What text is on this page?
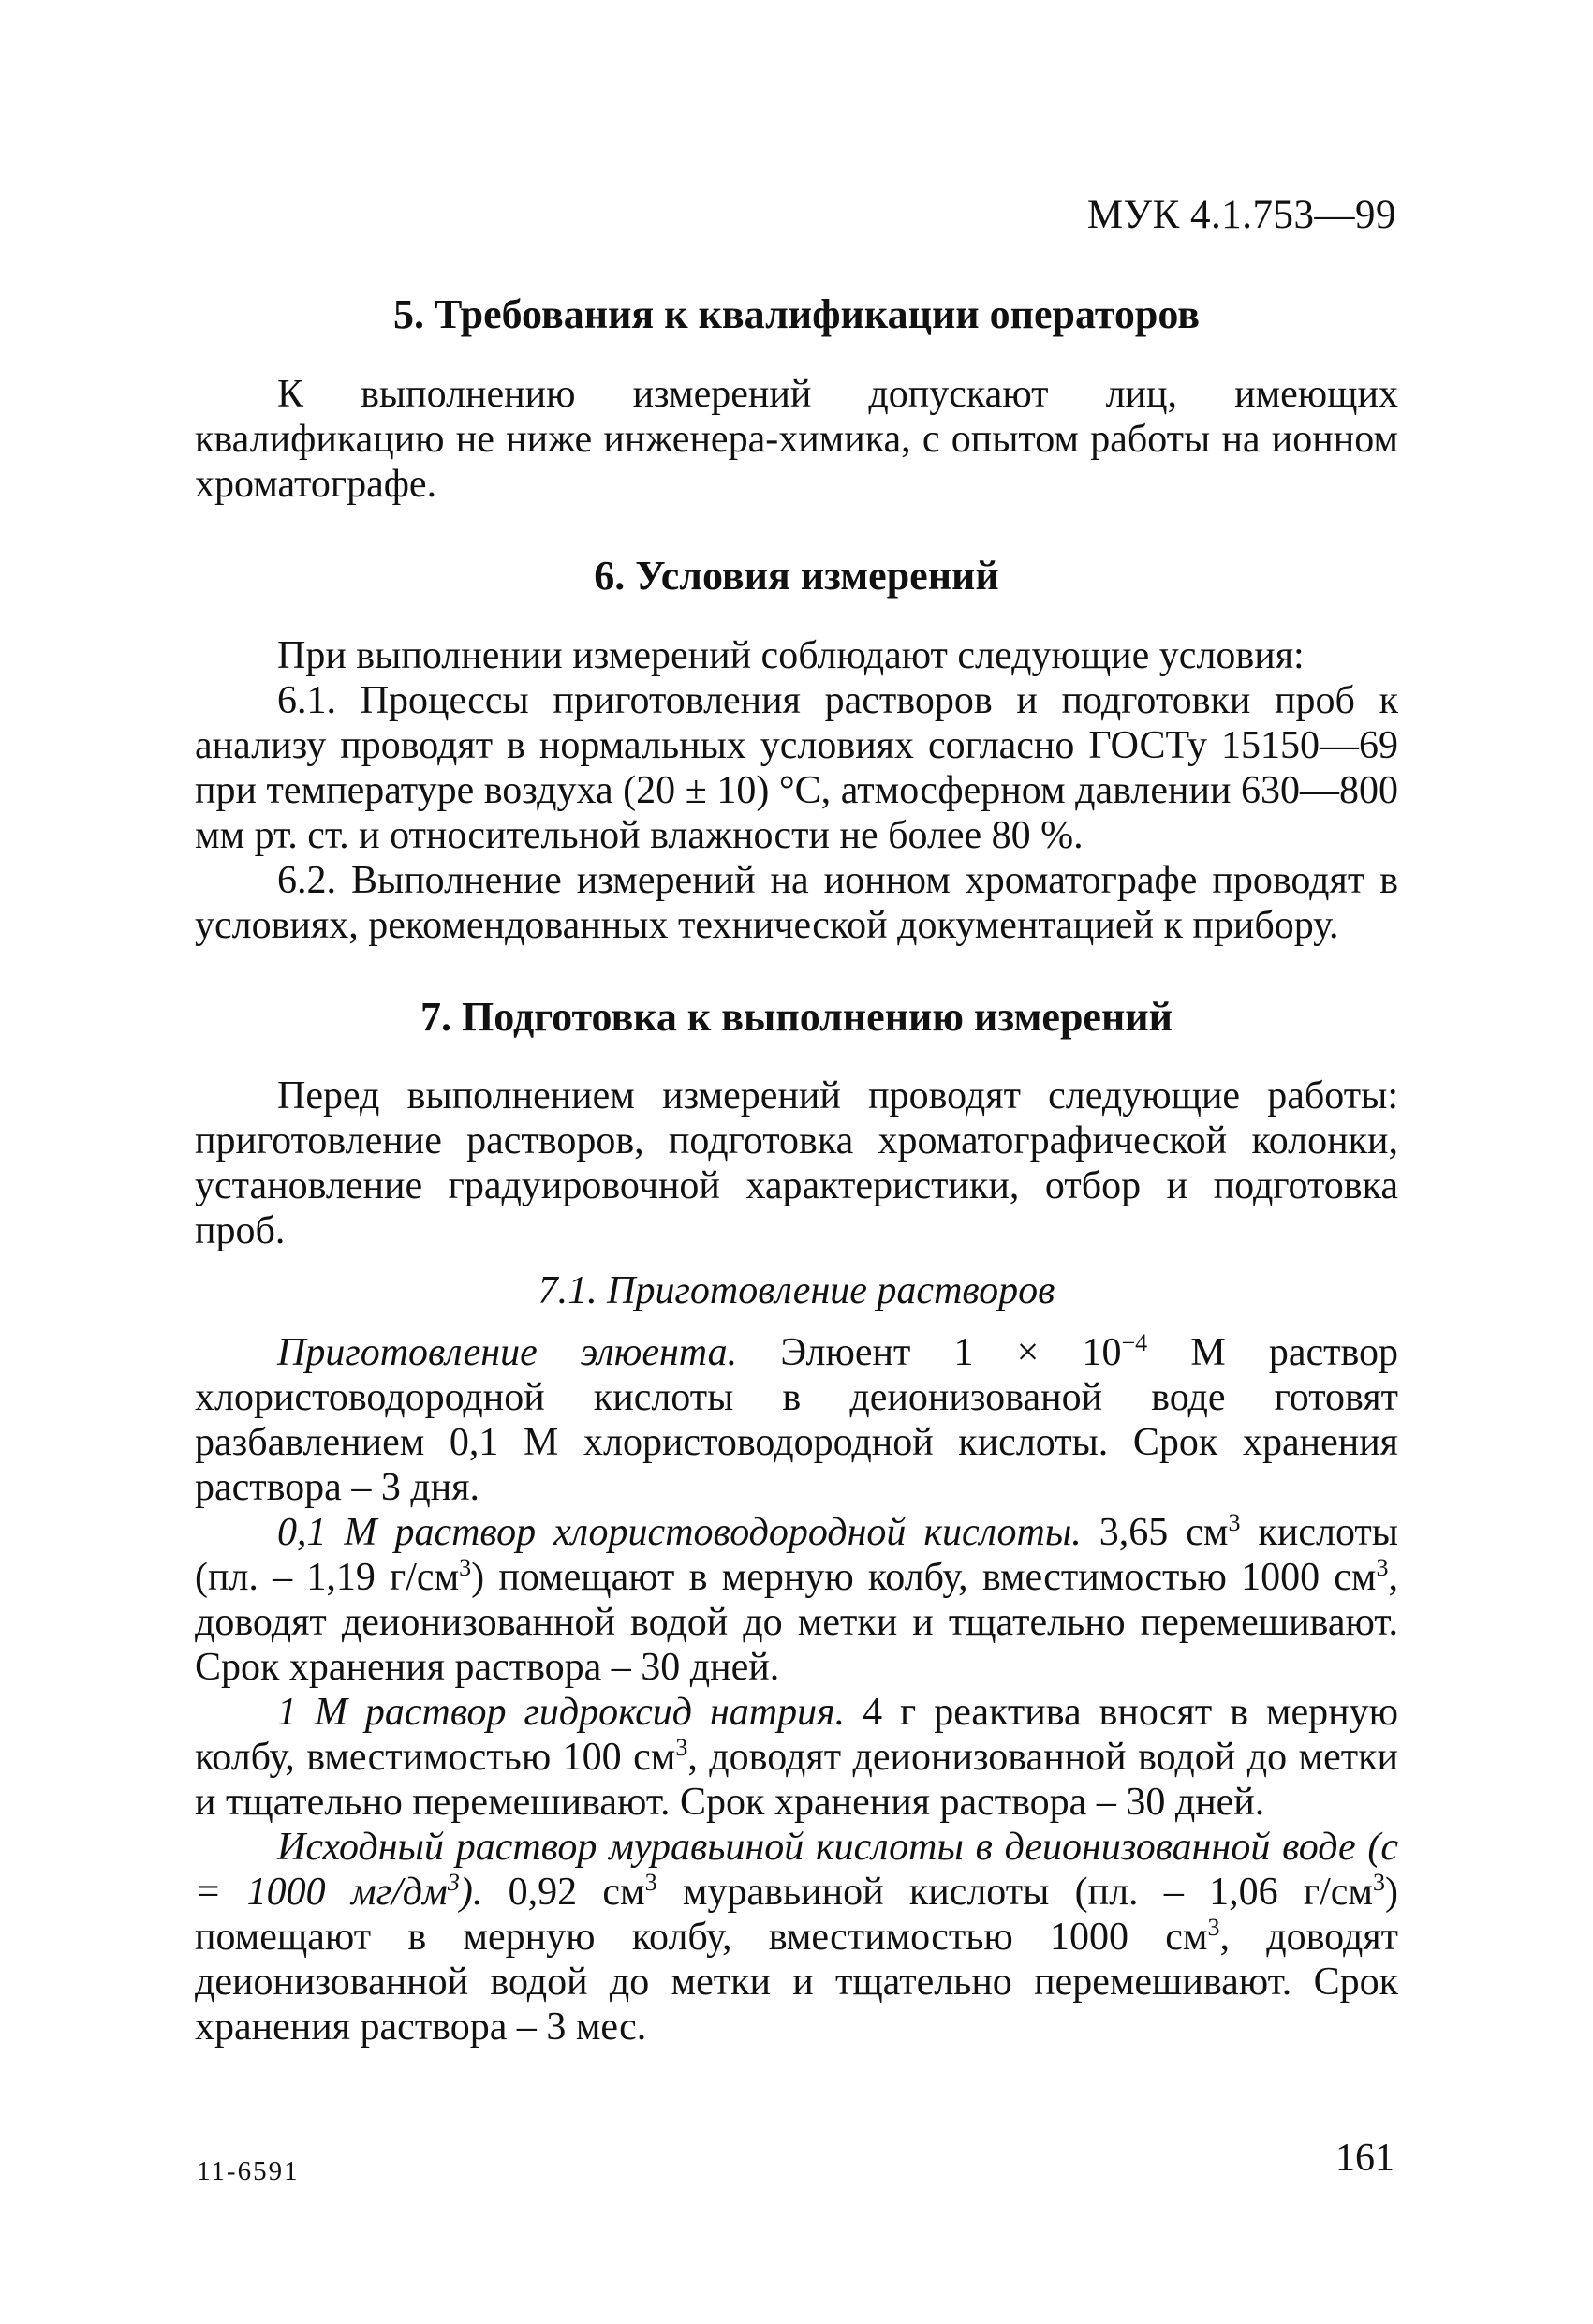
МУК 4.1.753—99
5. Требования к квалификации операторов

К выполнению измерений допускают лиц, имеющих квалификацию не ниже инженера-химика, с опытом работы на ионном хроматографе.

6. Условия измерений

При выполнении измерений соблюдают следующие условия:

6.1. Процессы приготовления растворов и подготовки проб к анализу проводят в нормальных условиях согласно ГОСТу 15150—69 при температуре воздуха (20 ± 10) °C, атмосферном давлении 630—800 мм рт. ст. и относительной влажности не более 80 %.

6.2. Выполнение измерений на ионном хроматографе проводят в условиях, рекомендованных технической документацией к прибору.

7. Подготовка к выполнению измерений

Перед выполнением измерений проводят следующие работы: приготовление растворов, подготовка хроматографической колонки, установление градуировочной характеристики, отбор и подготовка проб.

7.1. Приготовление растворов

Приготовление элюента. Элюент $1 \times 10^{-4}$ М раствор хлористоводородной кислоты в деионизованой воде готовят разбавлением 0,1 М хлористоводородной кислоты. Срок хранения раствора – 3 дня.

0,1 М раствор хлористоводородной кислоты. 3,65 $см^3$ кислоты (пл. – 1,19 $г/см^3$) помещают в мерную колбу, вместимостью 1000 $см^3$, доводят деионизованной водой до метки и тщательно перемешивают. Срок хранения раствора – 30 дней.

1 М раствор гидроксид натрия. 4 г реактива вносят в мерную колбу, вместимостью 100 $см^3$, доводят деионизованной водой до метки и тщательно перемешивают. Срок хранения раствора – 30 дней.

Исходный раствор муравьиной кислоты в деионизованной воде (с = 1000 $мг/дм^3$). 0,92 $см^3$ муравьиной кислоты (пл. – 1,06 $г/см^3$) помещают в мерную колбу, вместимостью 1000 $см^3$, доводят деионизованной водой до метки и тщательно перемешивают. Срок хранения раствора – 3 мес.

11-6591	161
